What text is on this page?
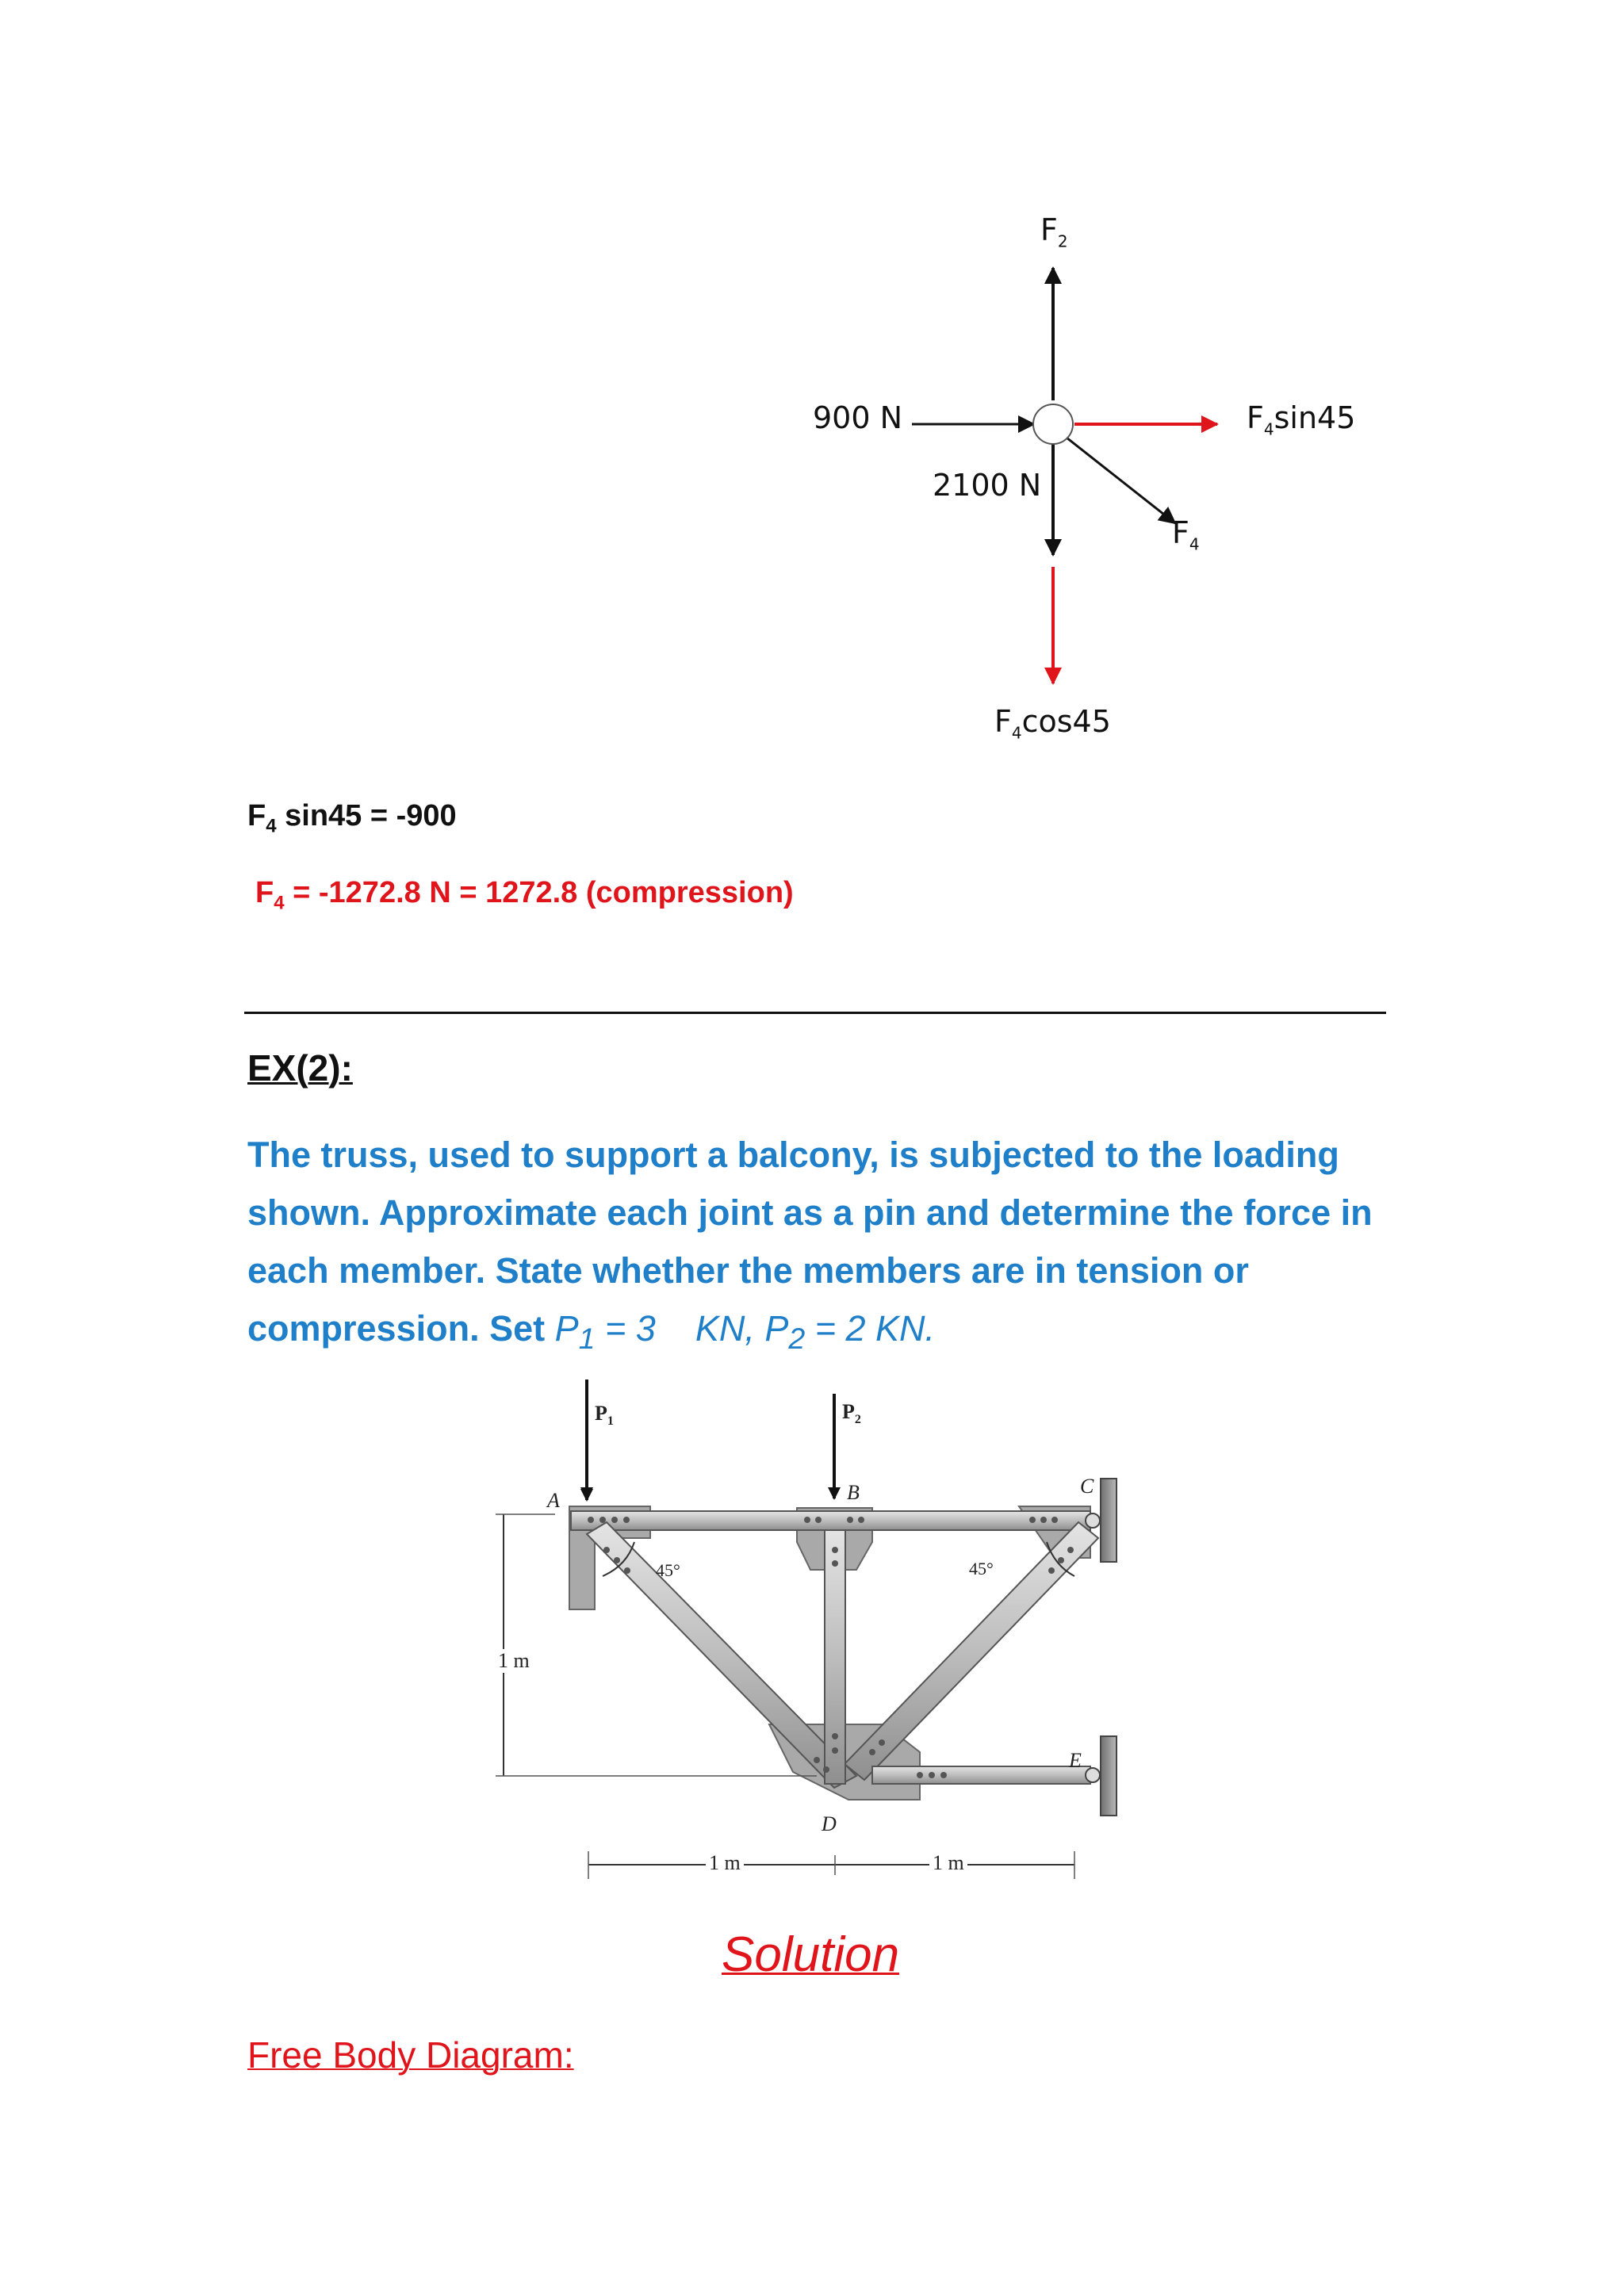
$F_2$
900 N	$F_4\sin 45$
2100 N
$F_4$
$F_4\cos 45$
$F_4$ sin45 = -900
$F_4 = -1272.8$ N = 1272.8 (compression)
EX(2):
The truss, used to support a balcony, is subjected to the loading shown. Approximate each joint as a pin and determine the force in each member. State whether the members are in tension or compression. Set $P_1 = 3$    KN, $P_2 = 2$ KN.
$P_1$	$P_2$
A	B	C
D
E
45°	45°
1 m
1 m	1 m
Solution
Free Body Diagram:
